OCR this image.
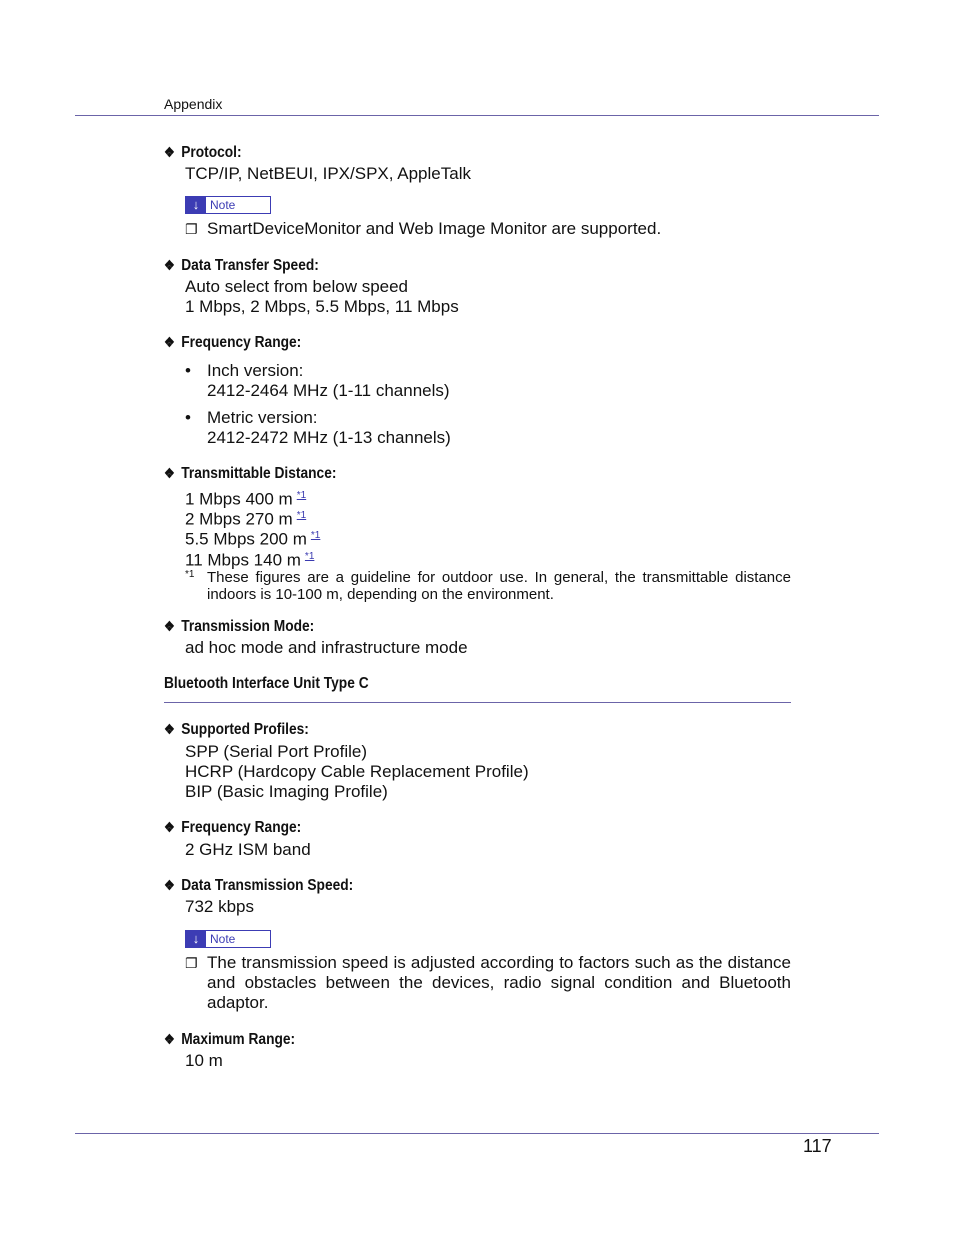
Appendix
❖ Protocol:
TCP/IP, NetBEUI, IPX/SPX, AppleTalk
↓ Note
❐ SmartDeviceMonitor and Web Image Monitor are supported.
❖ Data Transfer Speed:
Auto select from below speed
1 Mbps, 2 Mbps, 5.5 Mbps, 11 Mbps
❖ Frequency Range:
• Inch version:
2412-2464 MHz (1-11 channels)
• Metric version:
2412-2472 MHz (1-13 channels)
❖ Transmittable Distance:
1 Mbps 400 m $^{*1}$
2 Mbps 270 m $^{*1}$
5.5 Mbps 200 m $^{*1}$
11 Mbps 140 m $^{*1}$
*1 These figures are a guideline for outdoor use. In general, the transmittable distance indoors is 10-100 m, depending on the environment.
❖ Transmission Mode:
ad hoc mode and infrastructure mode
Bluetooth Interface Unit Type C
❖ Supported Profiles:
SPP (Serial Port Profile)
HCRP (Hardcopy Cable Replacement Profile)
BIP (Basic Imaging Profile)
❖ Frequency Range:
2 GHz ISM band
❖ Data Transmission Speed:
732 kbps
↓ Note
❐ The transmission speed is adjusted according to factors such as the distance and obstacles between the devices, radio signal condition and Bluetooth adaptor.
❖ Maximum Range:
10 m
117
